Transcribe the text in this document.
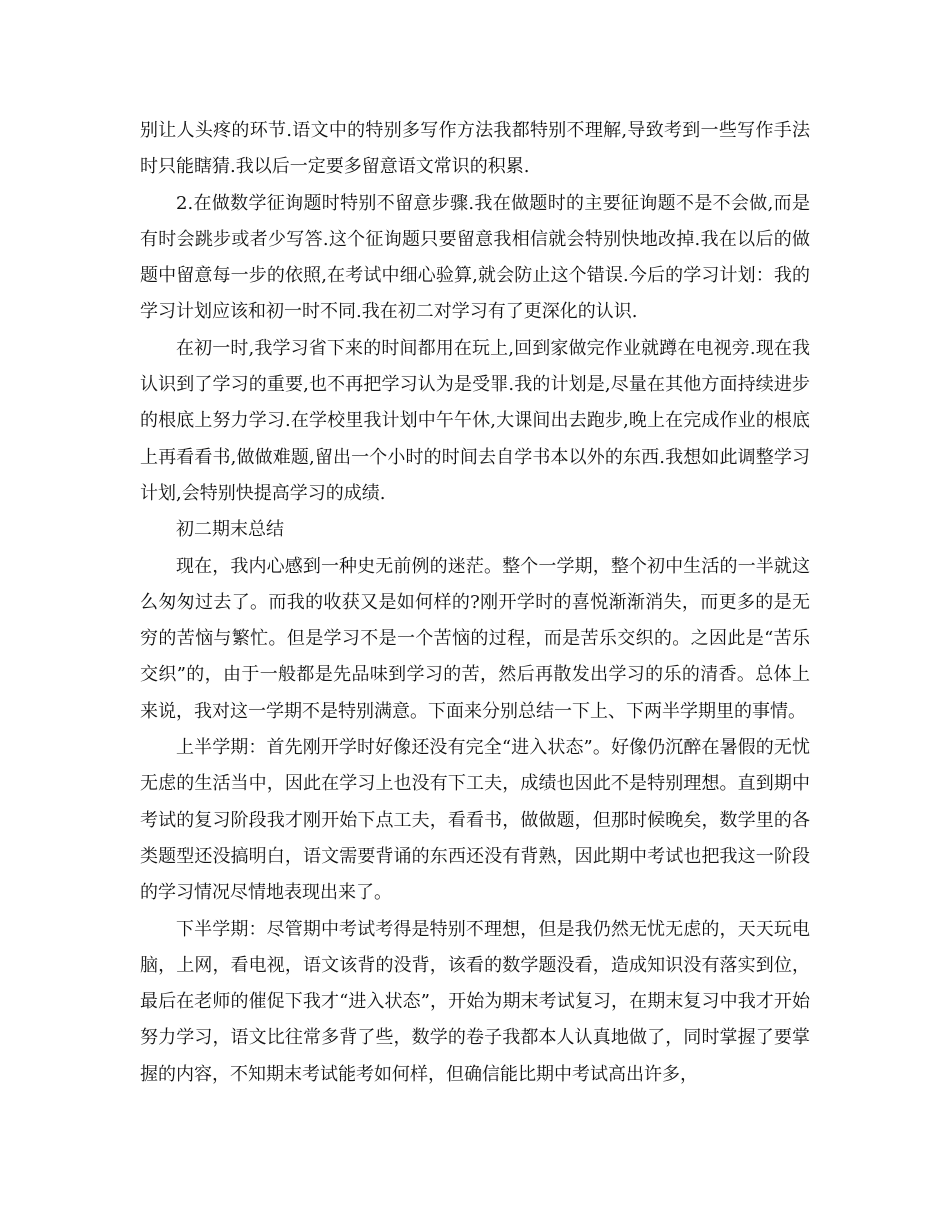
别让人头疼的环节.语文中的特别多写作方法我都特别不理解,导致考到一些写作手法时只能瞎猜.我以后一定要多留意语文常识的积累.

2.在做数学征询题时特别不留意步骤.我在做题时的主要征询题不是不会做,而是有时会跳步或者少写答.这个征询题只要留意我相信就会特别快地改掉.我在以后的做题中留意每一步的依照,在考试中细心验算,就会防止这个错误.今后的学习计划：我的学习计划应该和初一时不同.我在初二对学习有了更深化的认识.

在初一时,我学习省下来的时间都用在玩上,回到家做完作业就蹲在电视旁.现在我认识到了学习的重要,也不再把学习认为是受罪.我的计划是,尽量在其他方面持续进步的根底上努力学习.在学校里我计划中午午休,大课间出去跑步,晚上在完成作业的根底上再看看书,做做难题,留出一个小时的时间去自学书本以外的东西.我想如此调整学习计划,会特别快提高学习的成绩.

初二期末总结

现在，我内心感到一种史无前例的迷茫。整个一学期，整个初中生活的一半就这么匆匆过去了。而我的收获又是如何样的?刚开学时的喜悦渐渐消失，而更多的是无穷的苦恼与繁忙。但是学习不是一个苦恼的过程，而是苦乐交织的。之因此是“苦乐交织”的，由于一般都是先品味到学习的苦，然后再散发出学习的乐的清香。总体上来说，我对这一学期不是特别满意。下面来分别总结一下上、下两半学期里的事情。

上半学期：首先刚开学时好像还没有完全“进入状态”。好像仍沉醉在暑假的无忧无虑的生活当中，因此在学习上也没有下工夫，成绩也因此不是特别理想。直到期中考试的复习阶段我才刚开始下点工夫，看看书，做做题，但那时候晚矣，数学里的各类题型还没搞明白，语文需要背诵的东西还没有背熟，因此期中考试也把我这一阶段的学习情况尽情地表现出来了。

下半学期：尽管期中考试考得是特别不理想，但是我仍然无忧无虑的，天天玩电脑，上网，看电视，语文该背的没背，该看的数学题没看，造成知识没有落实到位，最后在老师的催促下我才“进入状态”，开始为期末考试复习，在期末复习中我才开始努力学习，语文比往常多背了些，数学的卷子我都本人认真地做了，同时掌握了要掌握的内容，不知期末考试能考如何样，但确信能比期中考试高出许多，
